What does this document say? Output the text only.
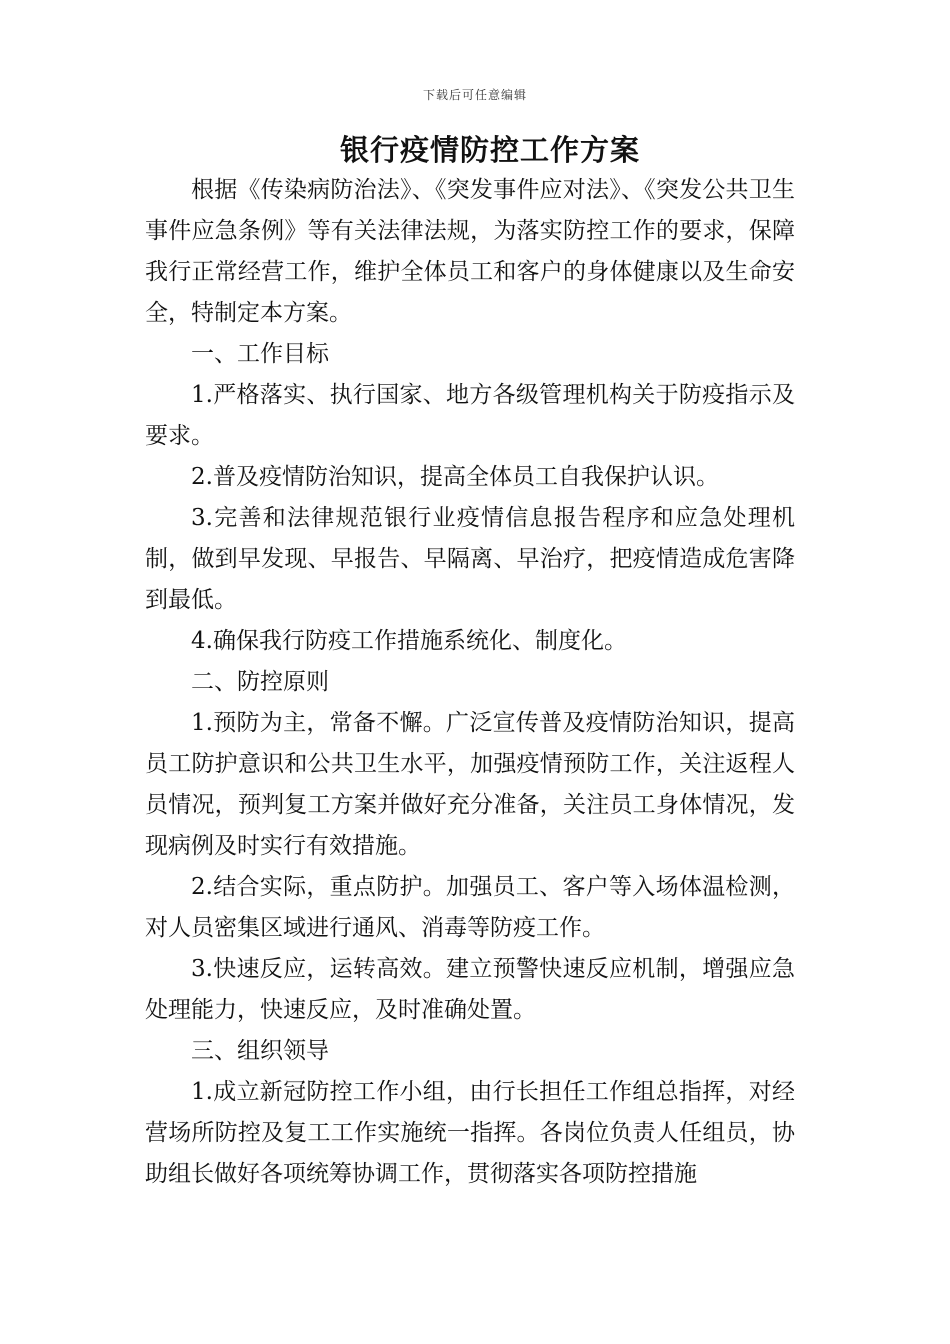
下载后可任意编辑
银行疫情防控工作方案

根据《传染病防治法》、《突发事件应对法》、《突发公共卫生事件应急条例》等有关法律法规，为落实防控工作的要求，保障我行正常经营工作，维护全体员工和客户的身体健康以及生命安全，特制定本方案。

一、工作目标

1.严格落实、执行国家、地方各级管理机构关于防疫指示及要求。

2.普及疫情防治知识，提高全体员工自我保护认识。

3.完善和法律规范银行业疫情信息报告程序和应急处理机制，做到早发现、早报告、早隔离、早治疗，把疫情造成危害降到最低。

4.确保我行防疫工作措施系统化、制度化。

二、防控原则

1.预防为主，常备不懈。广泛宣传普及疫情防治知识，提高员工防护意识和公共卫生水平，加强疫情预防工作，关注返程人员情况，预判复工方案并做好充分准备，关注员工身体情况，发现病例及时实行有效措施。

2.结合实际，重点防护。加强员工、客户等入场体温检测，对人员密集区域进行通风、消毒等防疫工作。

3.快速反应，运转高效。建立预警快速反应机制，增强应急处理能力，快速反应，及时准确处置。

三、组织领导

1.成立新冠防控工作小组，由行长担任工作组总指挥，对经营场所防控及复工工作实施统一指挥。各岗位负责人任组员，协助组长做好各项统筹协调工作，贯彻落实各项防控措施
